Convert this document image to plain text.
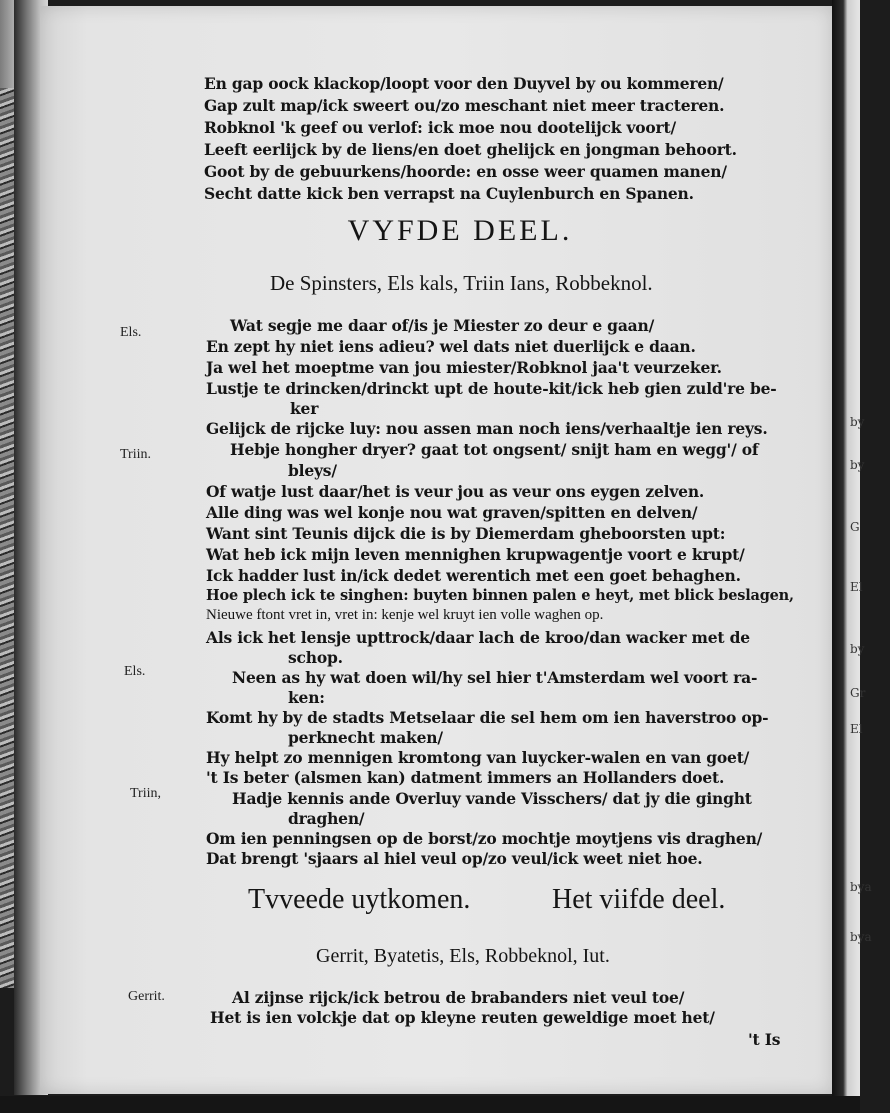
En gap oock klackop/loopt voor den Duyvel by ou kommeren/
Gap zult map/ick sweert ou/zo meschant niet meer tracteren.
Robknol 'k geef ou verlof: ick moe nou dootelijck voort/
Leeft eerlijck by de liens/en doet ghelijck en jongman behoort.
Goot by de gebuurkens/hoorde: en osse weer quamen manen/
Secht datte kick ben verrapst na Cuylenburch en Spanen.
VYFDE DEEL.
De Spinsters, Els kals, Triin Ians, Robbeknol.
Els.
Triin.
Els.
Triin,
Gerrit.
Wat segje me daar of/is je Miester zo deur e gaan/
En zept hy niet iens adieu? wel dats niet duerlijck e daan.
Ja wel het moeptme van jou miester/Robknol jaa't veurzeker.
Lustje te drincken/drinckt upt de houte-kit/ick heb gien zuld're be-
ker
Gelijck de rijcke luy: nou assen man noch iens/verhaaltje ien reys.
Hebje hongher dryer? gaat tot ongsent/ snijt ham en wegg'/ of
bleys/
Of watje lust daar/het is veur jou as veur ons eygen zelven.
Alle ding was wel konje nou wat graven/spitten en delven/
Want sint Teunis dijck die is by Diemerdam gheboorsten upt:
Wat heb ick mijn leven mennighen krupwagentje voort e krupt/
Ick hadder lust in/ick dedet werentich met een goet behaghen.
Hoe plech ick te singhen: buyten binnen palen e heyt, met blick beslagen,
Nieuwe ftont vret in, vret in: kenje wel kruyt ien volle waghen op.
Als ick het lensje upttrock/daar lach de kroo/dan wacker met de
schop.
Neen as hy wat doen wil/hy sel hier t'Amsterdam wel voort ra-
ken:
Komt hy by de stadts Metselaar die sel hem om ien haverstroo op-
perknecht maken/
Hy helpt zo mennigen kromtong van luycker-walen en van goet/
't Is beter (alsmen kan) datment immers an Hollanders doet.
Hadje kennis ande Overluy vande Visschers/ dat jy die ginght
draghen/
Om ien penningsen op de borst/zo mochtje moytjens vis draghen/
Dat brengt 'sjaars al hiel veul op/zo veul/ick weet niet hoe.
Tvveede uytkomen.	Het viifde deel.
Gerrit, Byatetis, Els, Robbeknol, Iut.
Al zijnse rijck/ick betrou de brabanders niet veul toe/
Het is ien volckje dat op kleyne reuten geweldige moet het/
't Is
by
by
G
El
by
Gr
El
bya
bya
